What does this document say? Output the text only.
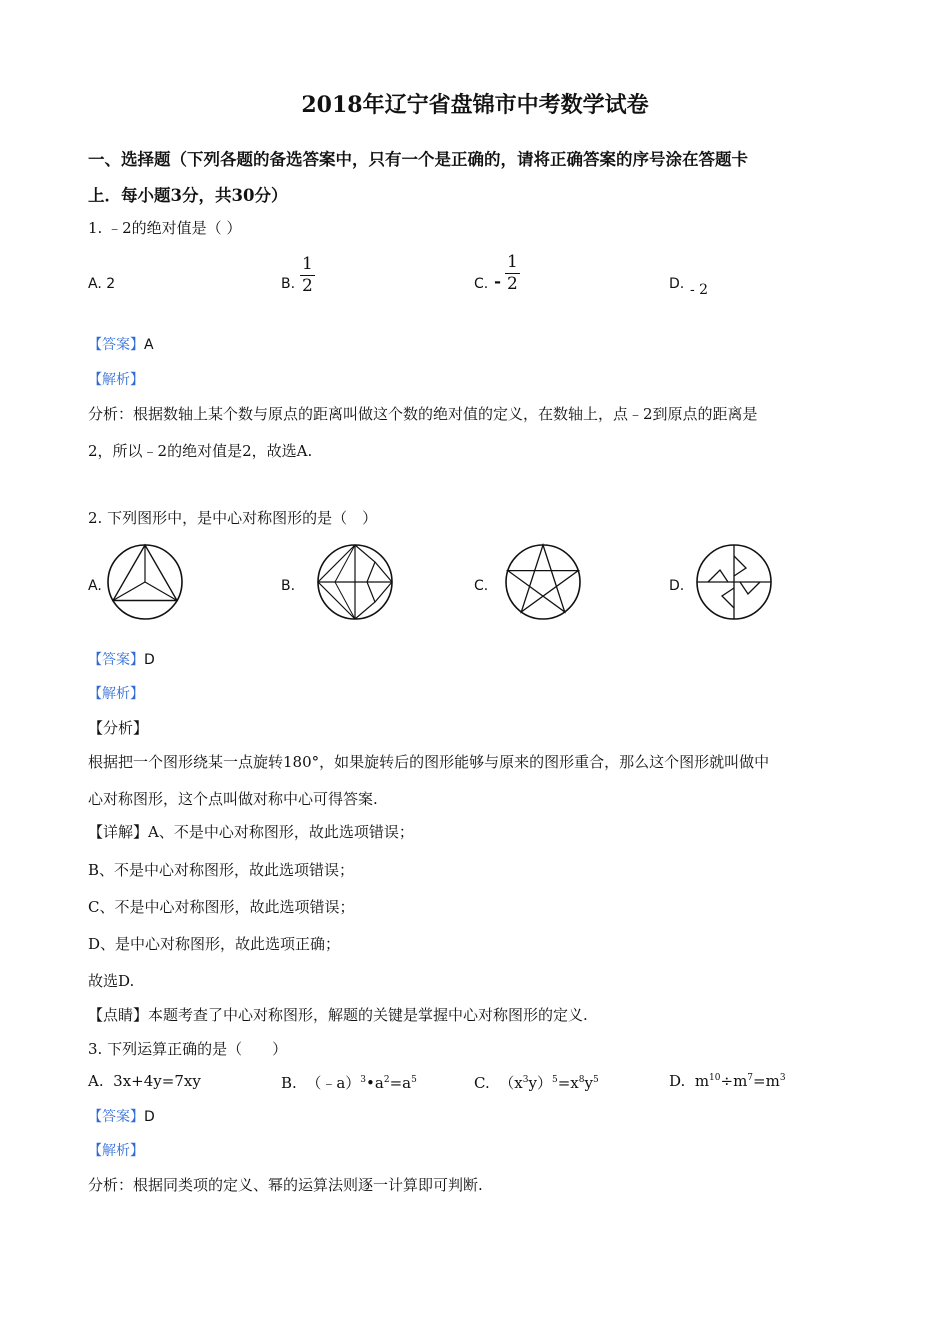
2018年辽宁省盘锦市中考数学试卷
一、选择题（下列各题的备选答案中，只有一个是正确的，请将正确答案的序号涂在答题卡
上．每小题3分，共30分）
1. ﹣2的绝对值是（ ）
A. 2	B.
1
2	C. -
1
2	D. - 2
【答案】A
【解析】
分析：根据数轴上某个数与原点的距离叫做这个数的绝对值的定义，在数轴上，点﹣2到原点的距离是
2，所以﹣2的绝对值是2，故选A.
2. 下列图形中，是中心对称图形的是（　）
A.	B.	C.	D.
【答案】D
【解析】
【分析】
根据把一个图形绕某一点旋转180°，如果旋转后的图形能够与原来的图形重合，那么这个图形就叫做中
心对称图形，这个点叫做对称中心可得答案.
【详解】A、不是中心对称图形，故此选项错误；
B、不是中心对称图形，故此选项错误；
C、不是中心对称图形，故此选项错误；
D、是中心对称图形，故此选项正确；
故选D.
【点睛】本题考查了中心对称图形，解题的关键是掌握中心对称图形的定义.
3. 下列运算正确的是（　　）
A. 3x+4y=7xy	B. $(﹣a)^3•a^2=a^5$	C. $(x^3y)^5=x^8y^5$	D. $m^{10}\div m^7=m^3$
【答案】D
【解析】
分析：根据同类项的定义、幂的运算法则逐一计算即可判断.
